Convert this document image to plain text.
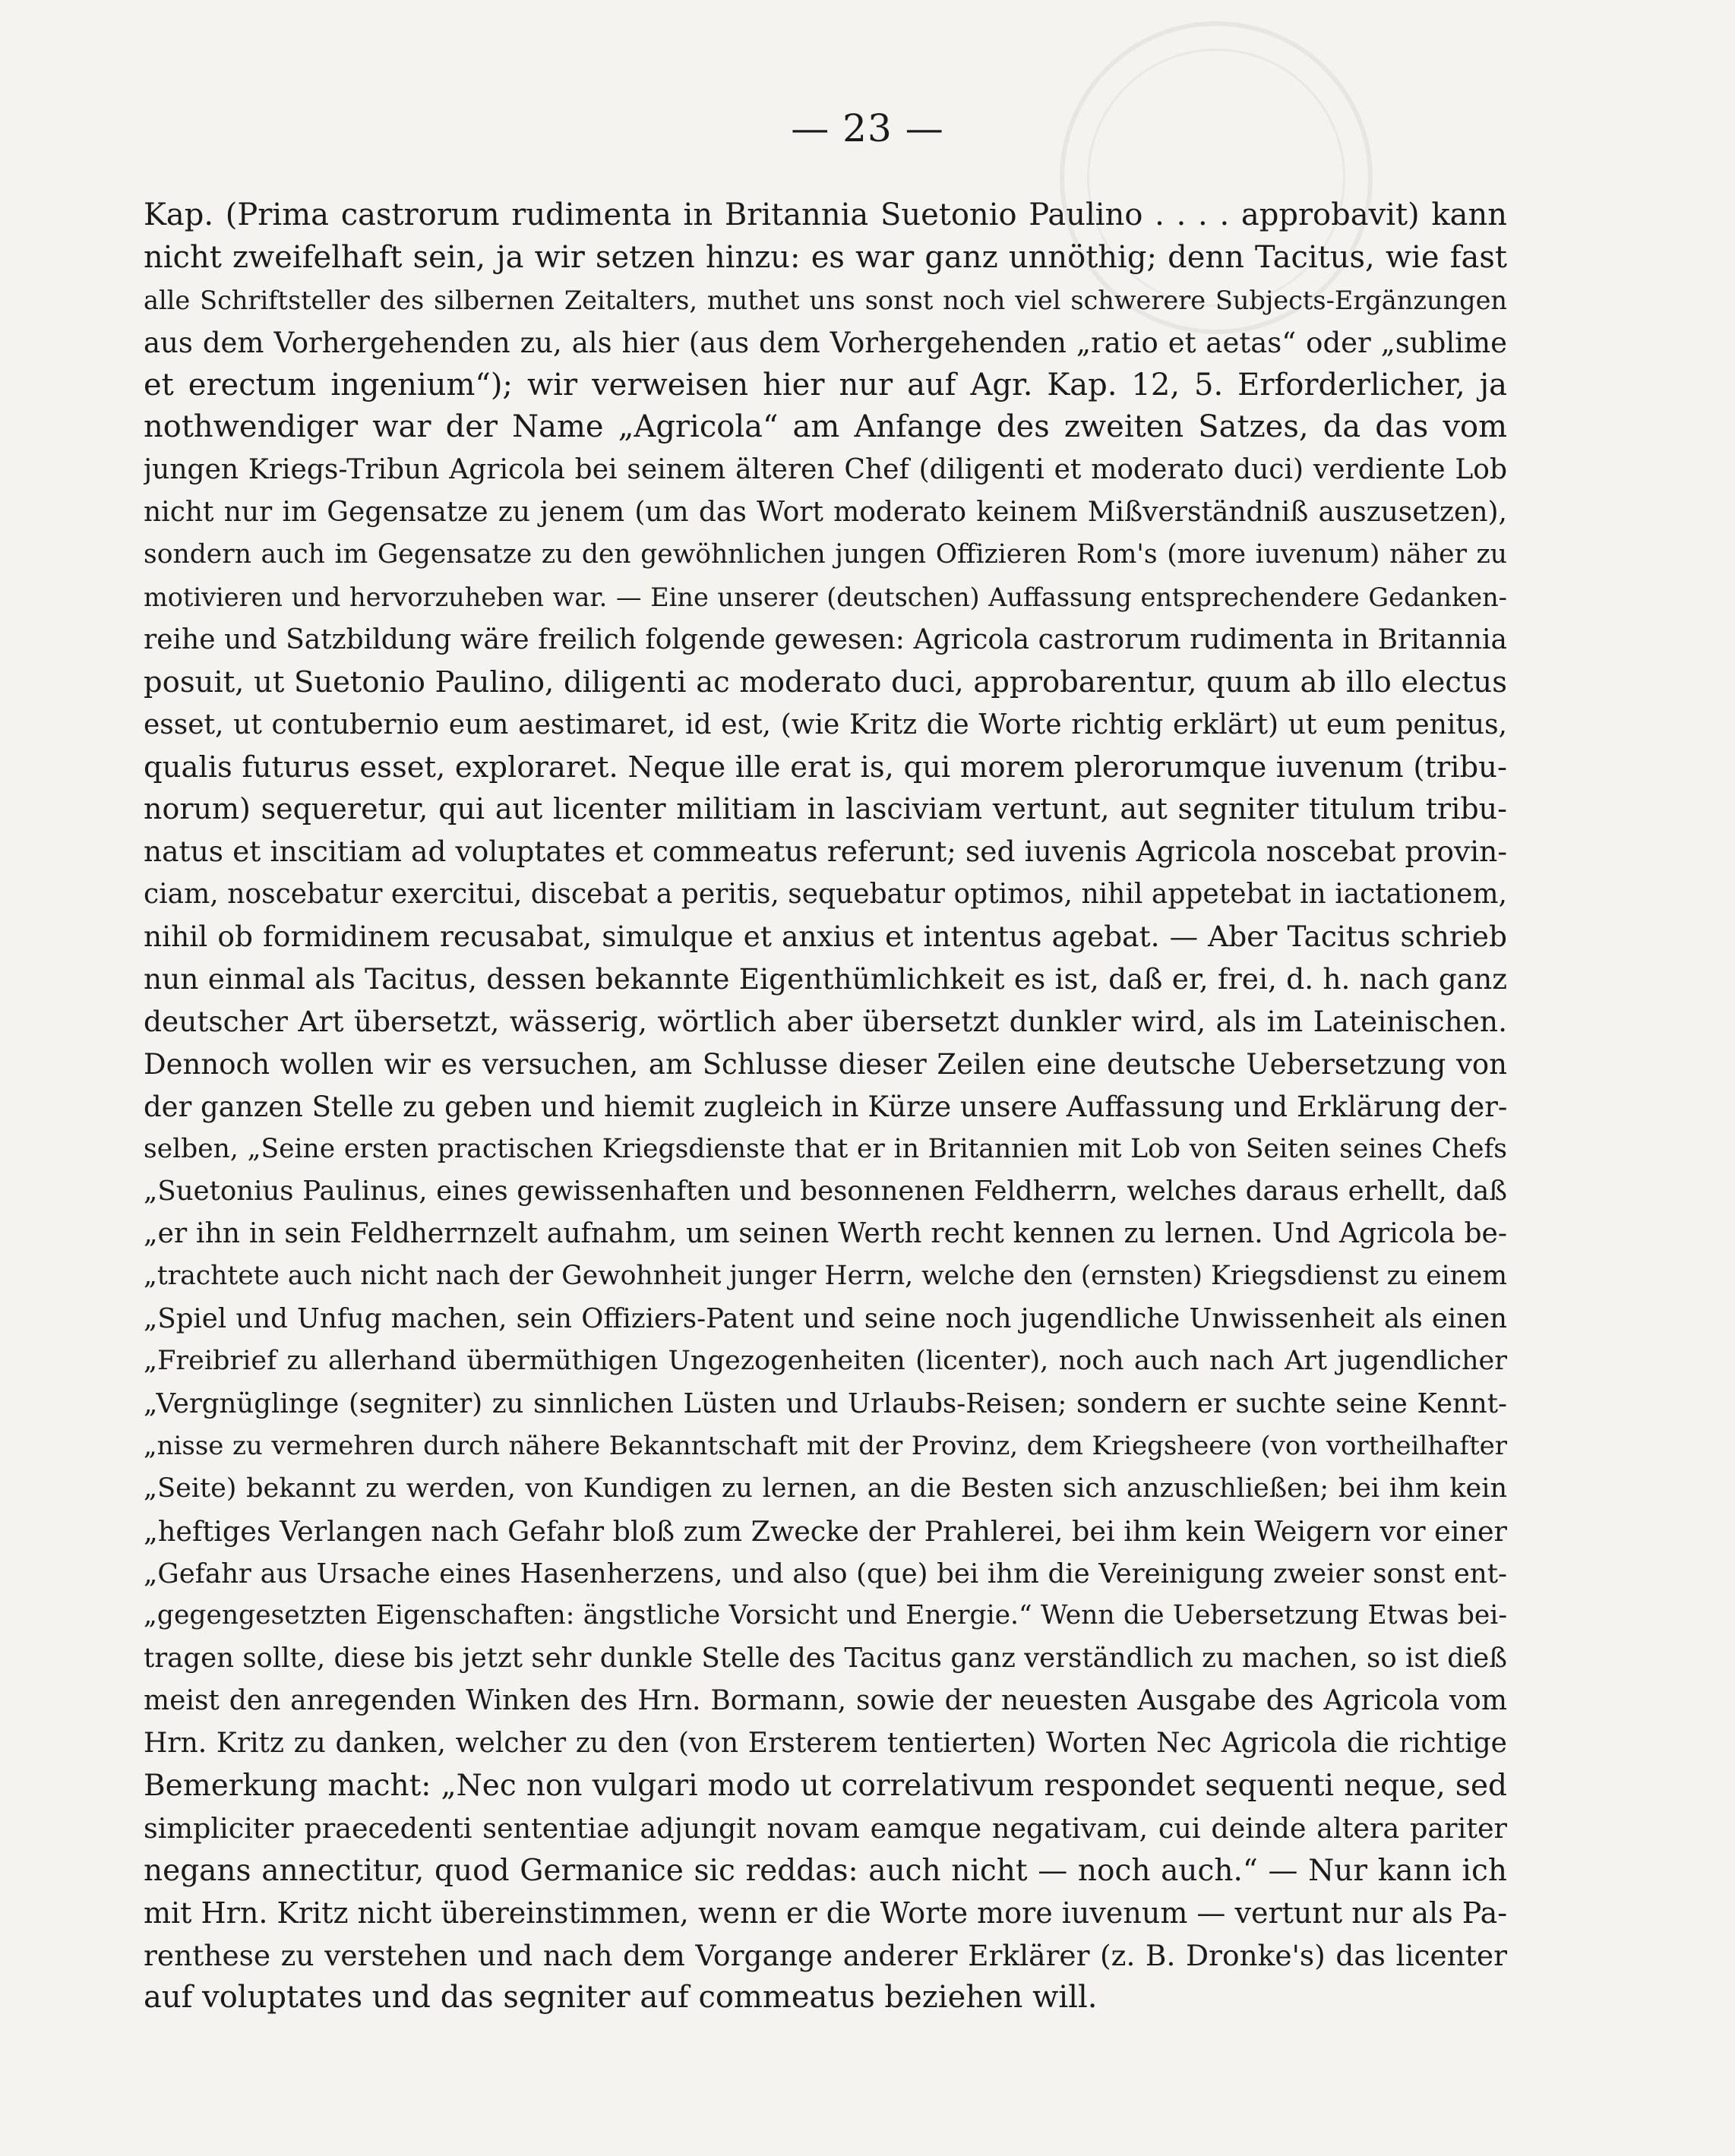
— 23 —
Kap. (Prima castrorum rudimenta in Britannia Suetonio Paulino . . . . approbavit) kann
nicht zweifelhaft sein, ja wir setzen hinzu: es war ganz unnöthig; denn Tacitus, wie fast
alle Schriftsteller des silbernen Zeitalters, muthet uns sonst noch viel schwerere Subjects-Ergänzungen
aus dem Vorhergehenden zu, als hier (aus dem Vorhergehenden „ratio et aetas“ oder „sublime
et erectum ingenium“); wir verweisen hier nur auf Agr. Kap. 12, 5. Erforderlicher, ja
nothwendiger war der Name „Agricola“ am Anfange des zweiten Satzes, da das vom
jungen Kriegs-Tribun Agricola bei seinem älteren Chef (diligenti et moderato duci) verdiente Lob
nicht nur im Gegensatze zu jenem (um das Wort moderato keinem Mißverständniß auszusetzen),
sondern auch im Gegensatze zu den gewöhnlichen jungen Offizieren Rom's (more iuvenum) näher zu
motivieren und hervorzuheben war. — Eine unserer (deutschen) Auffassung entsprechendere Gedanken-
reihe und Satzbildung wäre freilich folgende gewesen: Agricola castrorum rudimenta in Britannia
posuit, ut Suetonio Paulino, diligenti ac moderato duci, approbarentur, quum ab illo electus
esset, ut contubernio eum aestimaret, id est, (wie Kritz die Worte richtig erklärt) ut eum penitus,
qualis futurus esset, exploraret. Neque ille erat is, qui morem plerorumque iuvenum (tribu-
norum) sequeretur, qui aut licenter militiam in lasciviam vertunt, aut segniter titulum tribu-
natus et inscitiam ad voluptates et commeatus referunt; sed iuvenis Agricola noscebat provin-
ciam, noscebatur exercitui, discebat a peritis, sequebatur optimos, nihil appetebat in iactationem,
nihil ob formidinem recusabat, simulque et anxius et intentus agebat. — Aber Tacitus schrieb
nun einmal als Tacitus, dessen bekannte Eigenthümlichkeit es ist, daß er, frei, d. h. nach ganz
deutscher Art übersetzt, wässerig, wörtlich aber übersetzt dunkler wird, als im Lateinischen.
Dennoch wollen wir es versuchen, am Schlusse dieser Zeilen eine deutsche Uebersetzung von
der ganzen Stelle zu geben und hiemit zugleich in Kürze unsere Auffassung und Erklärung der-
selben, „Seine ersten practischen Kriegsdienste that er in Britannien mit Lob von Seiten seines Chefs
„Suetonius Paulinus, eines gewissenhaften und besonnenen Feldherrn, welches daraus erhellt, daß
„er ihn in sein Feldherrnzelt aufnahm, um seinen Werth recht kennen zu lernen. Und Agricola be-
„trachtete auch nicht nach der Gewohnheit junger Herrn, welche den (ernsten) Kriegsdienst zu einem
„Spiel und Unfug machen, sein Offiziers-Patent und seine noch jugendliche Unwissenheit als einen
„Freibrief zu allerhand übermüthigen Ungezogenheiten (licenter), noch auch nach Art jugendlicher
„Vergnüglinge (segniter) zu sinnlichen Lüsten und Urlaubs-Reisen; sondern er suchte seine Kennt-
„nisse zu vermehren durch nähere Bekanntschaft mit der Provinz, dem Kriegsheere (von vortheilhafter
„Seite) bekannt zu werden, von Kundigen zu lernen, an die Besten sich anzuschließen; bei ihm kein
„heftiges Verlangen nach Gefahr bloß zum Zwecke der Prahlerei, bei ihm kein Weigern vor einer
„Gefahr aus Ursache eines Hasenherzens, und also (que) bei ihm die Vereinigung zweier sonst ent-
„gegengesetzten Eigenschaften: ängstliche Vorsicht und Energie.“ Wenn die Uebersetzung Etwas bei-
tragen sollte, diese bis jetzt sehr dunkle Stelle des Tacitus ganz verständlich zu machen, so ist dieß
meist den anregenden Winken des Hrn. Bormann, sowie der neuesten Ausgabe des Agricola vom
Hrn. Kritz zu danken, welcher zu den (von Ersterem tentierten) Worten Nec Agricola die richtige
Bemerkung macht: „Nec non vulgari modo ut correlativum respondet sequenti neque, sed
simpliciter praecedenti sententiae adjungit novam eamque negativam, cui deinde altera pariter
negans annectitur, quod Germanice sic reddas: auch nicht — noch auch.“ — Nur kann ich
mit Hrn. Kritz nicht übereinstimmen, wenn er die Worte more iuvenum — vertunt nur als Pa-
renthese zu verstehen und nach dem Vorgange anderer Erklärer (z. B. Dronke's) das licenter
auf voluptates und das segniter auf commeatus beziehen will.
